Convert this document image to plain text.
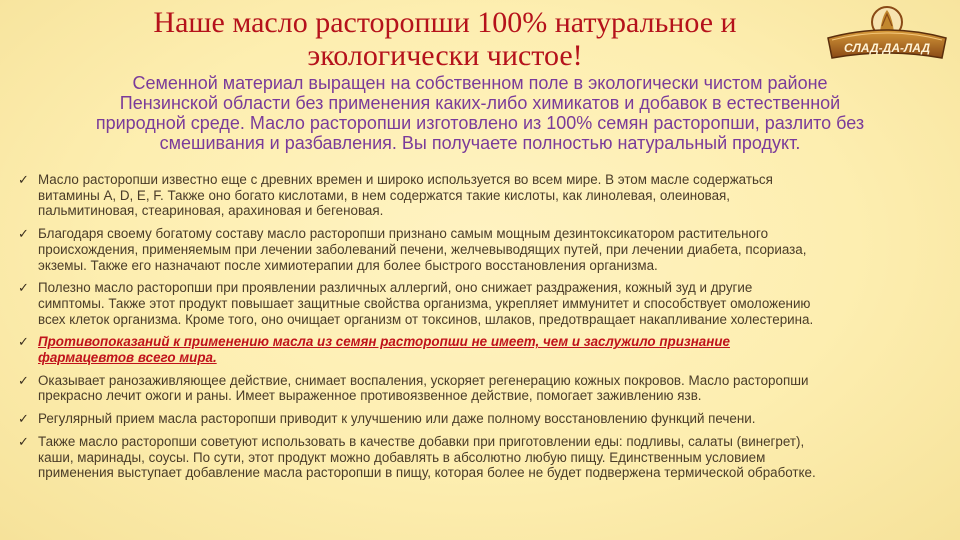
Наше масло расторопши 100% натуральное и
экологически чистое!	СЛАД-ДА-ЛАД

Семенной материал выращен на собственном поле в экологически чистом районе

Пензинской области без применения каких-либо химикатов и добавок в естественной

природной среде. Масло расторопши изготовлено из 100% семян расторопши, разлито без

смешивания и разбавления. Вы получаете полностью натуральный продукт.

✓ Масло расторопши известно еще с древних времен и широко используется во всем мире. В этом масле содержаться
витамины A, D, E, F. Также оно богато кислотами, в нем содержатся такие кислоты, как линолевая, олеиновая,
пальмитиновая, стеариновая, арахиновая и бегеновая.
✓ Благодаря своему богатому составу масло расторопши признано самым мощным дезинтоксикатором растительного
происхождения, применяемым при лечении заболеваний печени, желчевыводящих путей, при лечении диабета, псориаза,
экземы. Также его назначают после химиотерапии для более быстрого восстановления организма.
✓ Полезно масло расторопши при проявлении различных аллергий, оно снижает раздражения, кожный зуд и другие
симптомы. Также этот продукт повышает защитные свойства организма, укрепляет иммунитет и способствует омоложению
всех клеток организма. Кроме того, оно очищает организм от токсинов, шлаков, предотвращает накапливание холестерина.
✓ Противопоказаний к применению масла из семян расторопши не имеет, чем и заслужило признание
фармацевтов всего мира.
✓ Оказывает ранозаживляющее действие, снимает воспаления, ускоряет регенерацию кожных покровов. Масло расторопши
прекрасно лечит ожоги и раны. Имеет выраженное противоязвенное действие, помогает заживлению язв.
✓ Регулярный прием масла расторопши приводит к улучшению или даже полному восстановлению функций печени.
✓ Также масло расторопши советуют использовать в качестве добавки при приготовлении еды: подливы, салаты (винегрет),
каши, маринады, соусы. По сути, этот продукт можно добавлять в абсолютно любую пищу. Единственным условием
применения выступает добавление масла расторопши в пищу, которая более не будет подвержена термической обработке.
